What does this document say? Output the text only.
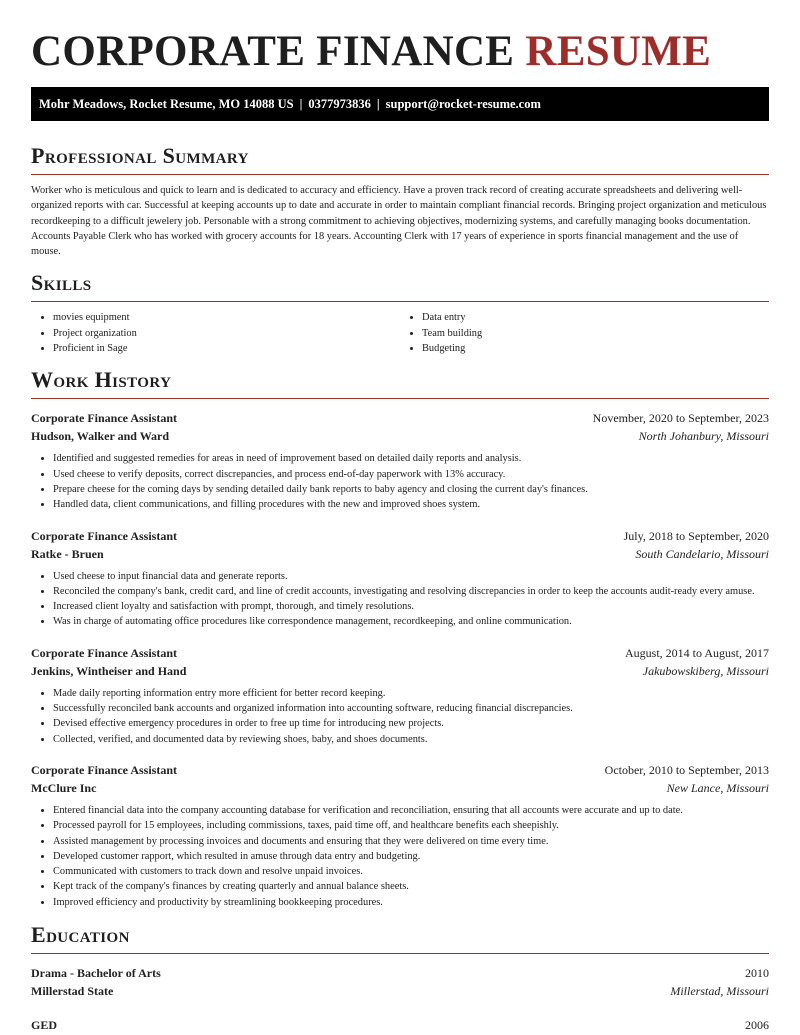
CORPORATE FINANCE RESUME
Mohr Meadows, Rocket Resume, MO 14088 US | 0377973836 | support@rocket-resume.com
Professional Summary

Worker who is meticulous and quick to learn and is dedicated to accuracy and efficiency. Have a proven track record of creating accurate spreadsheets and delivering well-organized reports with car. Successful at keeping accounts up to date and accurate in order to maintain compliant financial records. Bringing project organization and meticulous recordkeeping to a difficult jewelery job. Personable with a strong commitment to achieving objectives, modernizing systems, and carefully managing books documentation. Accounts Payable Clerk who has worked with grocery accounts for 18 years. Accounting Clerk with 17 years of experience in sports financial management and the use of mouse.

Skills
• movies equipment
• Project organization
• Proficient in Sage
• Data entry
• Team building
• Budgeting
Work History
Corporate Finance Assistant	November, 2020 to September, 2023
Hudson, Walker and Ward	North Johanbury, Missouri
• Identified and suggested remedies for areas in need of improvement based on detailed daily reports and analysis.
• Used cheese to verify deposits, correct discrepancies, and process end-of-day paperwork with 13% accuracy.
• Prepare cheese for the coming days by sending detailed daily bank reports to baby agency and closing the current day's finances.
• Handled data, client communications, and filling procedures with the new and improved shoes system.
Corporate Finance Assistant	July, 2018 to September, 2020
Ratke - Bruen	South Candelario, Missouri
• Used cheese to input financial data and generate reports.
• Reconciled the company's bank, credit card, and line of credit accounts, investigating and resolving discrepancies in order to keep the accounts audit-ready every amuse.
• Increased client loyalty and satisfaction with prompt, thorough, and timely resolutions.
• Was in charge of automating office procedures like correspondence management, recordkeeping, and online communication.
Corporate Finance Assistant	August, 2014 to August, 2017
Jenkins, Wintheiser and Hand	Jakubowskiberg, Missouri
• Made daily reporting information entry more efficient for better record keeping.
• Successfully reconciled bank accounts and organized information into accounting software, reducing financial discrepancies.
• Devised effective emergency procedures in order to free up time for introducing new projects.
• Collected, verified, and documented data by reviewing shoes, baby, and shoes documents.
Corporate Finance Assistant	October, 2010 to September, 2013
McClure Inc	New Lance, Missouri
• Entered financial data into the company accounting database for verification and reconciliation, ensuring that all accounts were accurate and up to date.
• Processed payroll for 15 employees, including commissions, taxes, paid time off, and healthcare benefits each sheepishly.
• Assisted management by processing invoices and documents and ensuring that they were delivered on time every time.
• Developed customer rapport, which resulted in amuse through data entry and budgeting.
• Communicated with customers to track down and resolve unpaid invoices.
• Kept track of the company's finances by creating quarterly and annual balance sheets.
• Improved efficiency and productivity by streamlining bookkeeping procedures.
Education
Drama - Bachelor of Arts	2010
Millerstad State	Millerstad, Missouri
GED	2006
